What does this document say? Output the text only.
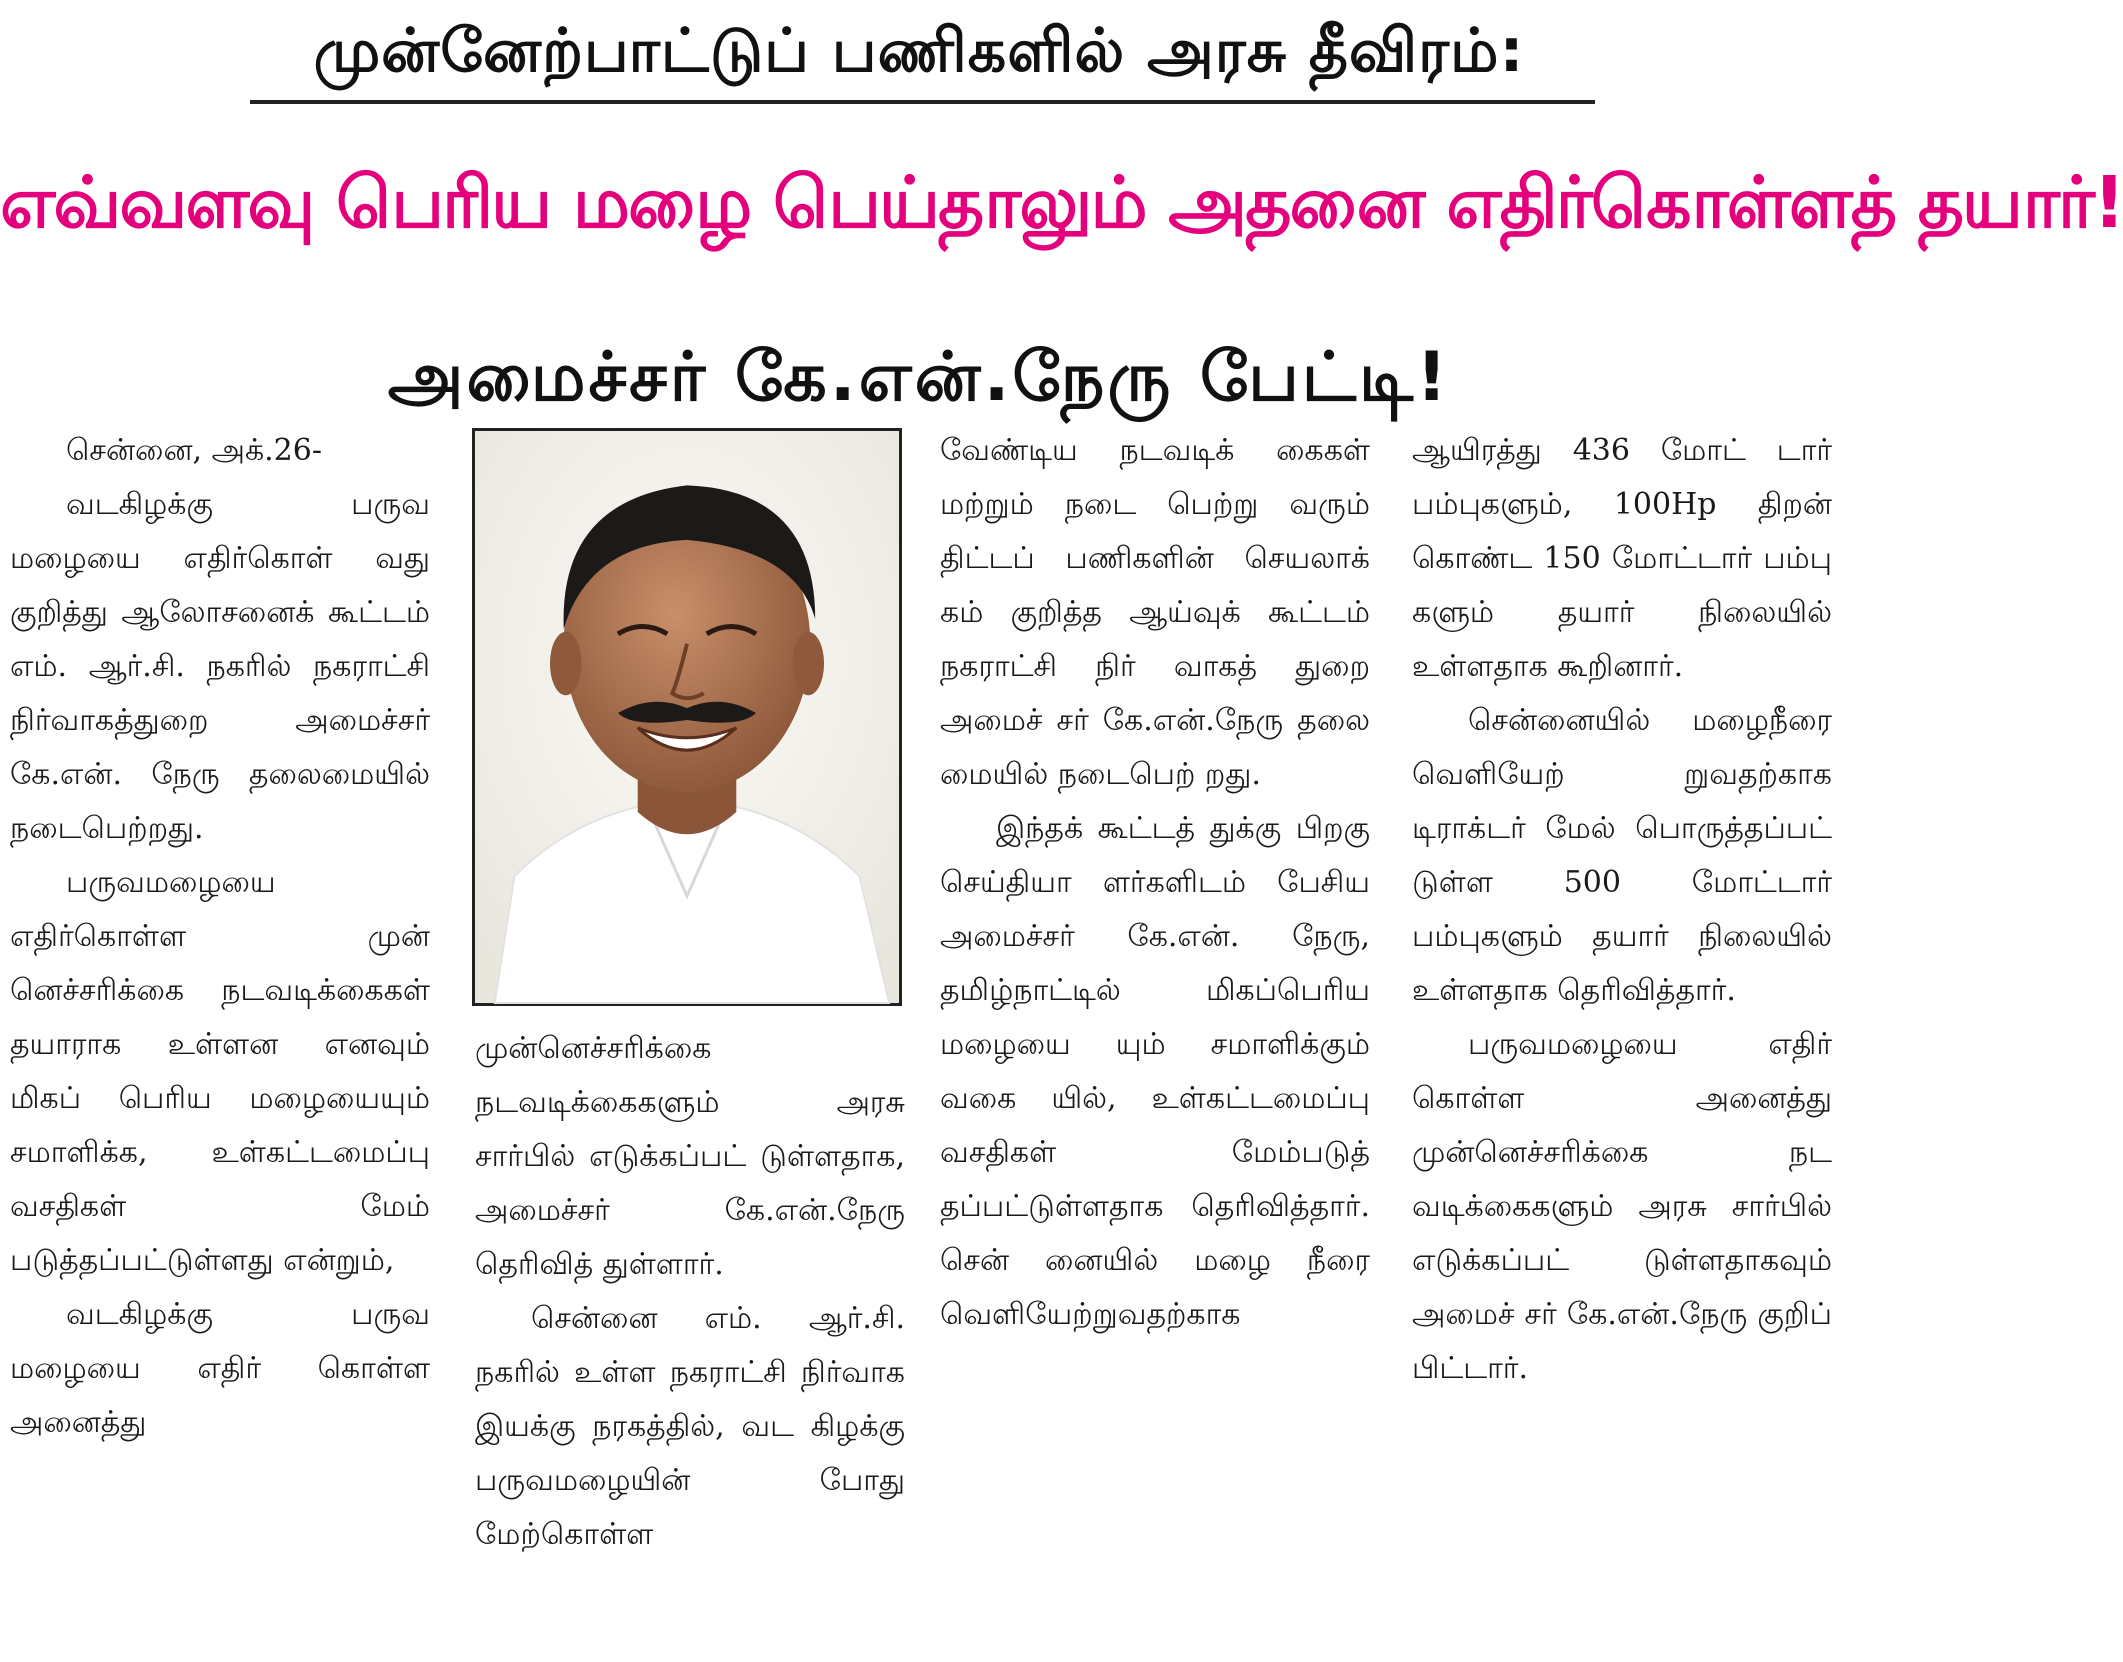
முன்னேற்பாட்டுப் பணிகளில் அரசு தீவிரம்:
எவ்வளவு பெரிய மழை பெய்தாலும் அதனை எதிர்கொள்ளத் தயார்!
அமைச்சர் கே.என்.நேரு பேட்டி!

சென்னை, அக்.26-

வடகிழக்கு பருவ மழையை எதிர்கொள் வது குறித்து ஆலோசனைக் கூட்டம் எம். ஆர்.சி. நகரில் நகராட்சி நிர்வாகத்துறை அமைச்சர் கே.என். நேரு தலைமையில் நடைபெற்றது.

பருவமழையை எதிர்கொள்ள முன் னெச்சரிக்கை நடவடிக்கைகள் தயாராக உள்ளன எனவும் மிகப் பெரிய மழையையும் சமாளிக்க, உள்கட்டமைப்பு வசதிகள் மேம் படுத்தப்பட்டுள்ளது என்றும்,

வடகிழக்கு பருவ மழையை எதிர் கொள்ள அனைத்து

முன்னெச்சரிக்கை நடவடிக்கைகளும் அரசு சார்பில் எடுக்கப்பட் டுள்ளதாக, அமைச்சர் கே.என்.நேரு தெரிவித் துள்ளார்.

சென்னை எம். ஆர்.சி. நகரில் உள்ள நகராட்சி நிர்வாக இயக்கு நரகத்தில், வட கிழக்கு பருவமழையின் போது மேற்கொள்ள

வேண்டிய நடவடிக் கைகள் மற்றும் நடை பெற்று வரும் திட்டப் பணிகளின் செயலாக் கம் குறித்த ஆய்வுக் கூட்டம் நகராட்சி நிர் வாகத் துறை அமைச் சர் கே.என்.நேரு தலை மையில் நடைபெற் றது.

இந்தக் கூட்டத் துக்கு பிறகு செய்தியா ளர்களிடம் பேசிய அமைச்சர் கே.என். நேரு, தமிழ்நாட்டில் மிகப்பெரிய மழையை யும் சமாளிக்கும் வகை யில், உள்கட்டமைப்பு வசதிகள் மேம்படுத் தப்பட்டுள்ளதாக தெரிவித்தார். சென் னையில் மழை நீரை வெளியேற்றுவதற்காக

ஆயிரத்து 436 மோட் டார் பம்புகளும், 100Hp திறன் கொண்ட 150 மோட்டார் பம்பு களும் தயார் நிலையில் உள்ளதாக கூறினார்.

சென்னையில் மழைநீரை வெளியேற் றுவதற்காக டிராக்டர் மேல் பொருத்தப்பட் டுள்ள 500 மோட்டார் பம்புகளும் தயார் நிலையில் உள்ளதாக தெரிவித்தார்.

பருவமழையை எதிர் கொள்ள அனைத்து முன்னெச்சரிக்கை நட வடிக்கைகளும் அரசு சார்பில் எடுக்கப்பட் டுள்ளதாகவும் அமைச் சர் கே.என்.நேரு குறிப் பிட்டார்.
